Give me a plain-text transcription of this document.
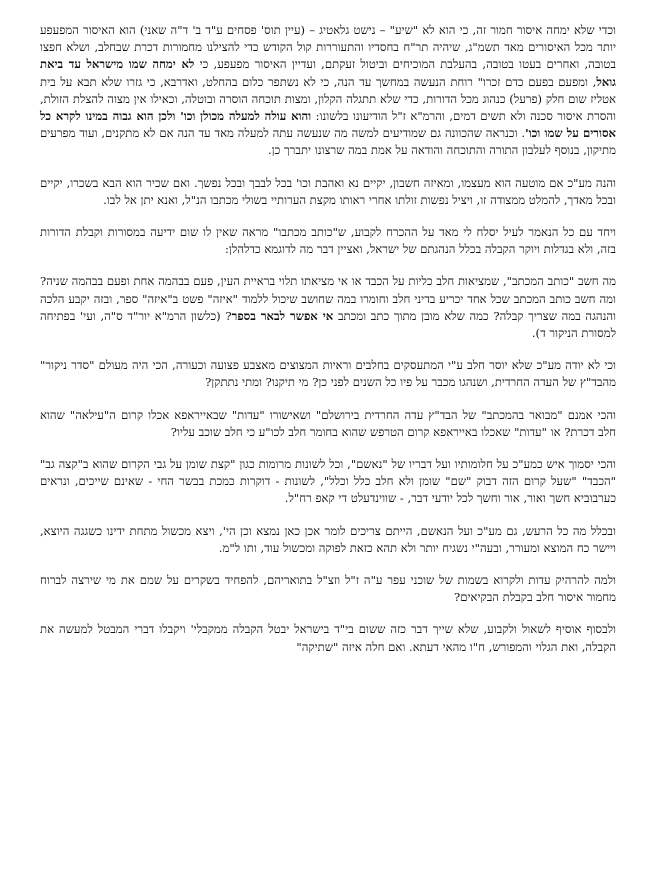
וכדי שלא ימחה איסור חמור זה, כי הוא לא "שיע" – נישט גלאטיג – (עיין תוס' פסחים ע"ד ב' ד"ה שאני) הוא האיסור המפעפע יותר מכל האיסורים מאד תשמ"ג, שיהיה תר"ח בחסדיו והתעוררות קול הקודש כדי להצילנו מחמורות דכרת שבחלב, ושלא חפצו בטובה, ואחרים בעטו בטובה, בהעלבת המוכיחים וביטול זעקתם, ועדיין האיסור מפעפע, כי לא ימחה שמו מישראל עד ביאת גואל, ומפעם בפעם כדם זכרו" רוחת הנעשה במחשך עד הנה, כי לא נשתפר כלום בהחלט, ואדרבא, כי גזרו שלא תבא על בית אטליז שום חלק (פרעל) כנהוג מכל הדורות, כדי שלא תתגלה הקלון, ומצות תוכחה הוסרה ובוטלה, וכאילו אין מצוה להצלת הזולת, והסרת איסור סכנה ולא תשים דמים, והרמ"א ז"ל הודיעונו בלשונו: והוא עולה למעלה מכולן וכו' ולכן הוא גבוה במינו לקרא כל אסורים על שמו וכו'. וכנראה שהכוונה גם שמודיעים למשה מה שנעשה עתה למעלה מאד עד הנה אם לא מתקנים, ועוד מפרעים מתיקון, בנוסף לעלבון התורה והתוכחה והודאה על אמת במה שרצונו יתברך כן.

והנה מע"כ אם מוטעה הוא מעצמו, ומאיזה חשבון, יקיים נא ואהבת וכו' בכל לבבך ובכל נפשך. ואם שכיר הוא הבא בשכרו, יקיים ובכל מאדך, להמלט ממצודה זו, ויציל נפשות זולתו אחרי ראותו מקצת הערותיי בשולי מכתבו הנ"ל, ואנא יתן אל לבו.

ויחד עם כל הנאמר לעיל יסלח לי מאד על ההכרח לקבוע, ש"כותב מכתבו" מראה שאין לו שום ידיעה במסורות וקבלת הדורות בזה, ולא בגדלות ויוקר הקבלה בכלל הנהגתם של ישראל, ואציין דבר מה לדוגמא כדלהלן:

מה חשב "כותב המכתב", שמציאות חלב כליות על הכבד או אי מציאתו תלוי בראיית העין, פעם בבהמה אחת ופעם בבהמה שניה? ומה חשב כותב המכתב שכל אחד יכריע בדיני חלב וחומרו במה שחושב שיכול ללמוד "איזה" פשט ב"איזה" ספר, ובזה יקבע הלכה והנהגה במה שצריך קבלה? כמה שלא מובן מתוך כתב ומכתב אי אפשר לבאר בספר? (כלשון הרמ"א יור"ד ס"ה, ועי' בפתיחה למסורת הניקור ד).

וכי לא יודה מע"כ שלא יוסר חלב ע"י המתעסקים בחלבים וראיות המצוצים מאצבע פצועה וכעורה, הכי היה מעולם "סדר ניקור" מהבד"ץ של העדה החרדית, ושנהגו מכבר על פיו כל השנים לפני כן? מי תיקנו? ומתי נתתקן?

והכי אמנם "מבואר בהמכתב" של הבד"ץ עדה החרדית בירושלם" ושאישורו "עדות" שבאייראפא אכלו קרום ה"עילאה" שהוא חלב דכרת? או "עדות" שאכלו באייראפא קרום הטרפש שהוא בחומר חלב לכו"ע כי חלב שוכב עליו?

והכי יסמוך איש כמע"כ על חלומותיו ועל דבריו של "נאשם", וכל לשונות מרומות כגון "קצת שומן על גבי הקרום שהוא ב"קצה גב" "הכבד" "שעל קרום הזה דבוק "שם" שומן ולא חלב כלל וכלל", לשונות - דוקרות כמכת בבשר החי - שאינם שייכים, ונראים כערבוביא חשך ואור, אור וחשך לכל יודעי דבר, - שווינדעלט די קאפ רח"ל.

ובכלל מה כל הרעש, גם מע"כ ועל הנאשם, הייתם צריכים לומר אכן כאן נמצא וכן הי', ויצא מכשול מתחת ידינו כשגגה היוצא, ויישר כח המוצא ומעורר, ובעה"י נשגיח יותר ולא תהא כזאת לפוקה ומכשול עוד, ותו ל"מ.

ולמה להרהיק עדות ולקרוא בשמות של שוכני עפר ע"ה ז"ל וזצ"ל בתואריהם, להפחיד בשקרים על שמם את מי שירצה לברוח מחמור איסור חלב בקבלת הבקיאים?

ולבסוף אוסיף לשאול ולקבוע, שלא שייך דבר כזה ששום בי"ד בישראל יבטל הקבלה ממקבלי' ויקבלו דברי המבטל למעשה את הקבלה, ואת הגלוי והמפורש, ח"ו מהאי דעתא. ואם חלה איזה "שתיקה"
